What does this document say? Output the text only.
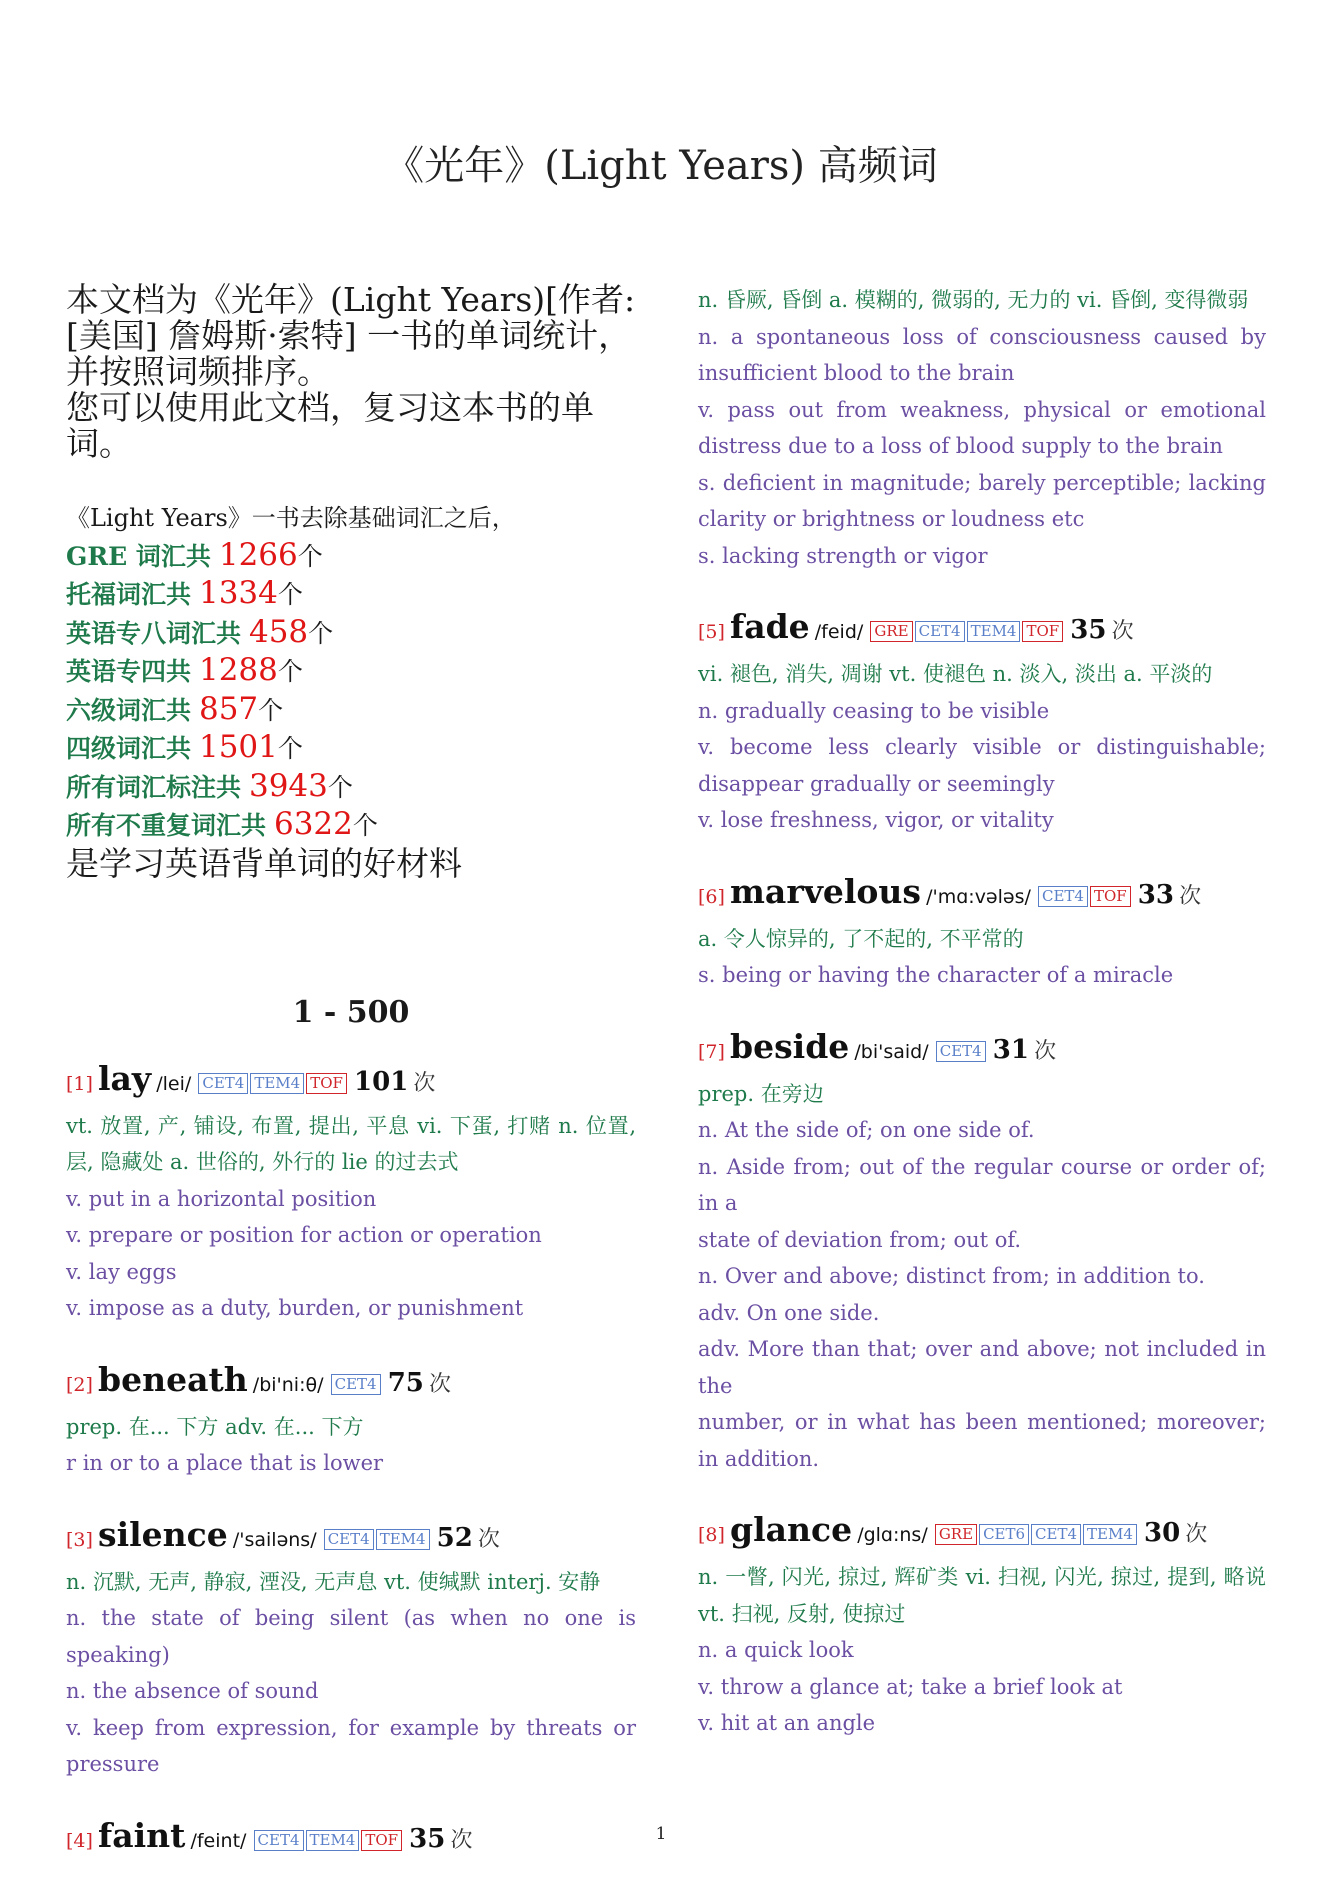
《光年》(Light Years) 高频词

本文档为《光年》(Light Years)[作者:

[美国] 詹姆斯·索特] 一书的单词统计，

并按照词频排序。

您可以使用此文档，复习这本书的单

词。

《Light Years》一书去除基础词汇之后，
GRE 词汇共 1266个
托福词汇共 1334个
英语专八词汇共 458个
英语专四共 1288个
六级词汇共 857个
四级词汇共 1501个
所有词汇标注共 3943个
所有不重复词汇共 6322个
是学习英语背单词的好材料
1 - 500
[1] lay /lei/ CET4 TEM4 TOF 101 次
vt. 放置, 产, 铺设, 布置, 提出, 平息 vi. 下蛋, 打赌 n. 位置, 层, 隐藏处 a. 世俗的, 外行的 lie 的过去式
v. put in a horizontal position
v. prepare or position for action or operation
v. lay eggs
v. impose as a duty, burden, or punishment
[2] beneath /bi'ni:θ/ CET4 75 次
prep. 在... 下方 adv. 在... 下方
r in or to a place that is lower
[3] silence /'sailəns/ CET4 TEM4 52 次
n. 沉默, 无声, 静寂, 湮没, 无声息 vt. 使缄默 interj. 安静
n. the state of being silent (as when no one is speaking)
n. the absence of sound
v. keep from expression, for example by threats or pressure
[4] faint /feint/ CET4 TEM4 TOF 35 次
n. 昏厥, 昏倒 a. 模糊的, 微弱的, 无力的 vi. 昏倒, 变得微弱
n. a spontaneous loss of consciousness caused by insufficient blood to the brain
v. pass out from weakness, physical or emotional distress due to a loss of blood supply to the brain
s. deficient in magnitude; barely perceptible; lacking clarity or brightness or loudness etc
s. lacking strength or vigor
[5] fade /feid/ GRE CET4 TEM4 TOF 35 次
vi. 褪色, 消失, 凋谢 vt. 使褪色 n. 淡入, 淡出 a. 平淡的
n. gradually ceasing to be visible
v. become less clearly visible or distinguishable; disappear gradually or seemingly
v. lose freshness, vigor, or vitality
[6] marvelous /'mɑ:vələs/ CET4 TOF 33 次
a. 令人惊异的, 了不起的, 不平常的
s. being or having the character of a miracle
[7] beside /bi'said/ CET4 31 次
prep. 在旁边
n. At the side of; on one side of.
n. Aside from; out of the regular course or order of; in a
state of deviation from; out of.
n. Over and above; distinct from; in addition to.
adv. On one side.
adv. More than that; over and above; not included in the
number, or in what has been mentioned; moreover; in addition.
[8] glance /glɑ:ns/ GRE CET6 CET4 TEM4 30 次
n. 一瞥, 闪光, 掠过, 辉矿类 vi. 扫视, 闪光, 掠过, 提到, 略说 vt. 扫视, 反射, 使掠过
n. a quick look
v. throw a glance at; take a brief look at
v. hit at an angle
1
